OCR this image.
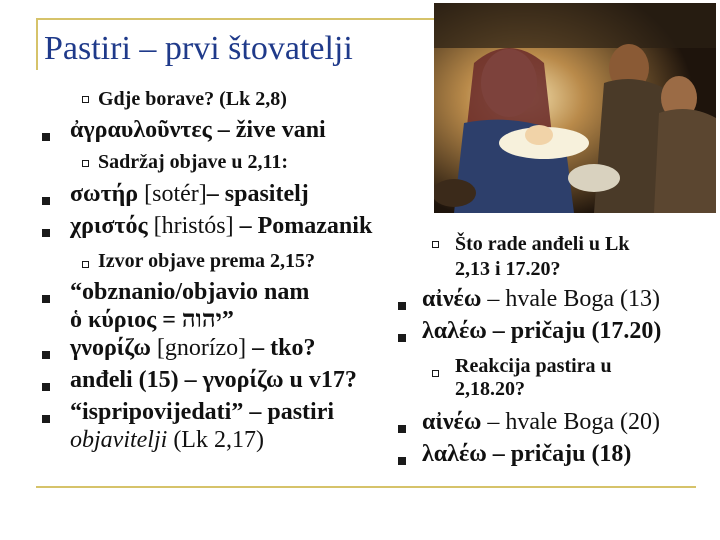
Pastiri – prvi štovatelji
Gdje borave? (Lk 2,8)
ἀγραυλοῦντες – žive vani
Sadržaj objave u 2,11:
σωτήρ [sotér]– spasitelj
χριστός [hristós] – Pomazanik
Izvor objave prema 2,15?
“obznanio/objavio nam
ὁ κύριος = יהוה”
γνορίζω [gnorízo] – tko?
anđeli (15) – γνορίζω u v17?
“ispripovijedati” – pastiri
objavitelji (Lk 2,17)
Što rade anđeli u Lk
2,13 i 17.20?
αἰνέω – hvale Boga (13)
λαλέω – pričaju (17.20)
Reakcija pastira u
2,18.20?
αἰνέω – hvale Boga (20)
λαλέω – pričaju (18)
